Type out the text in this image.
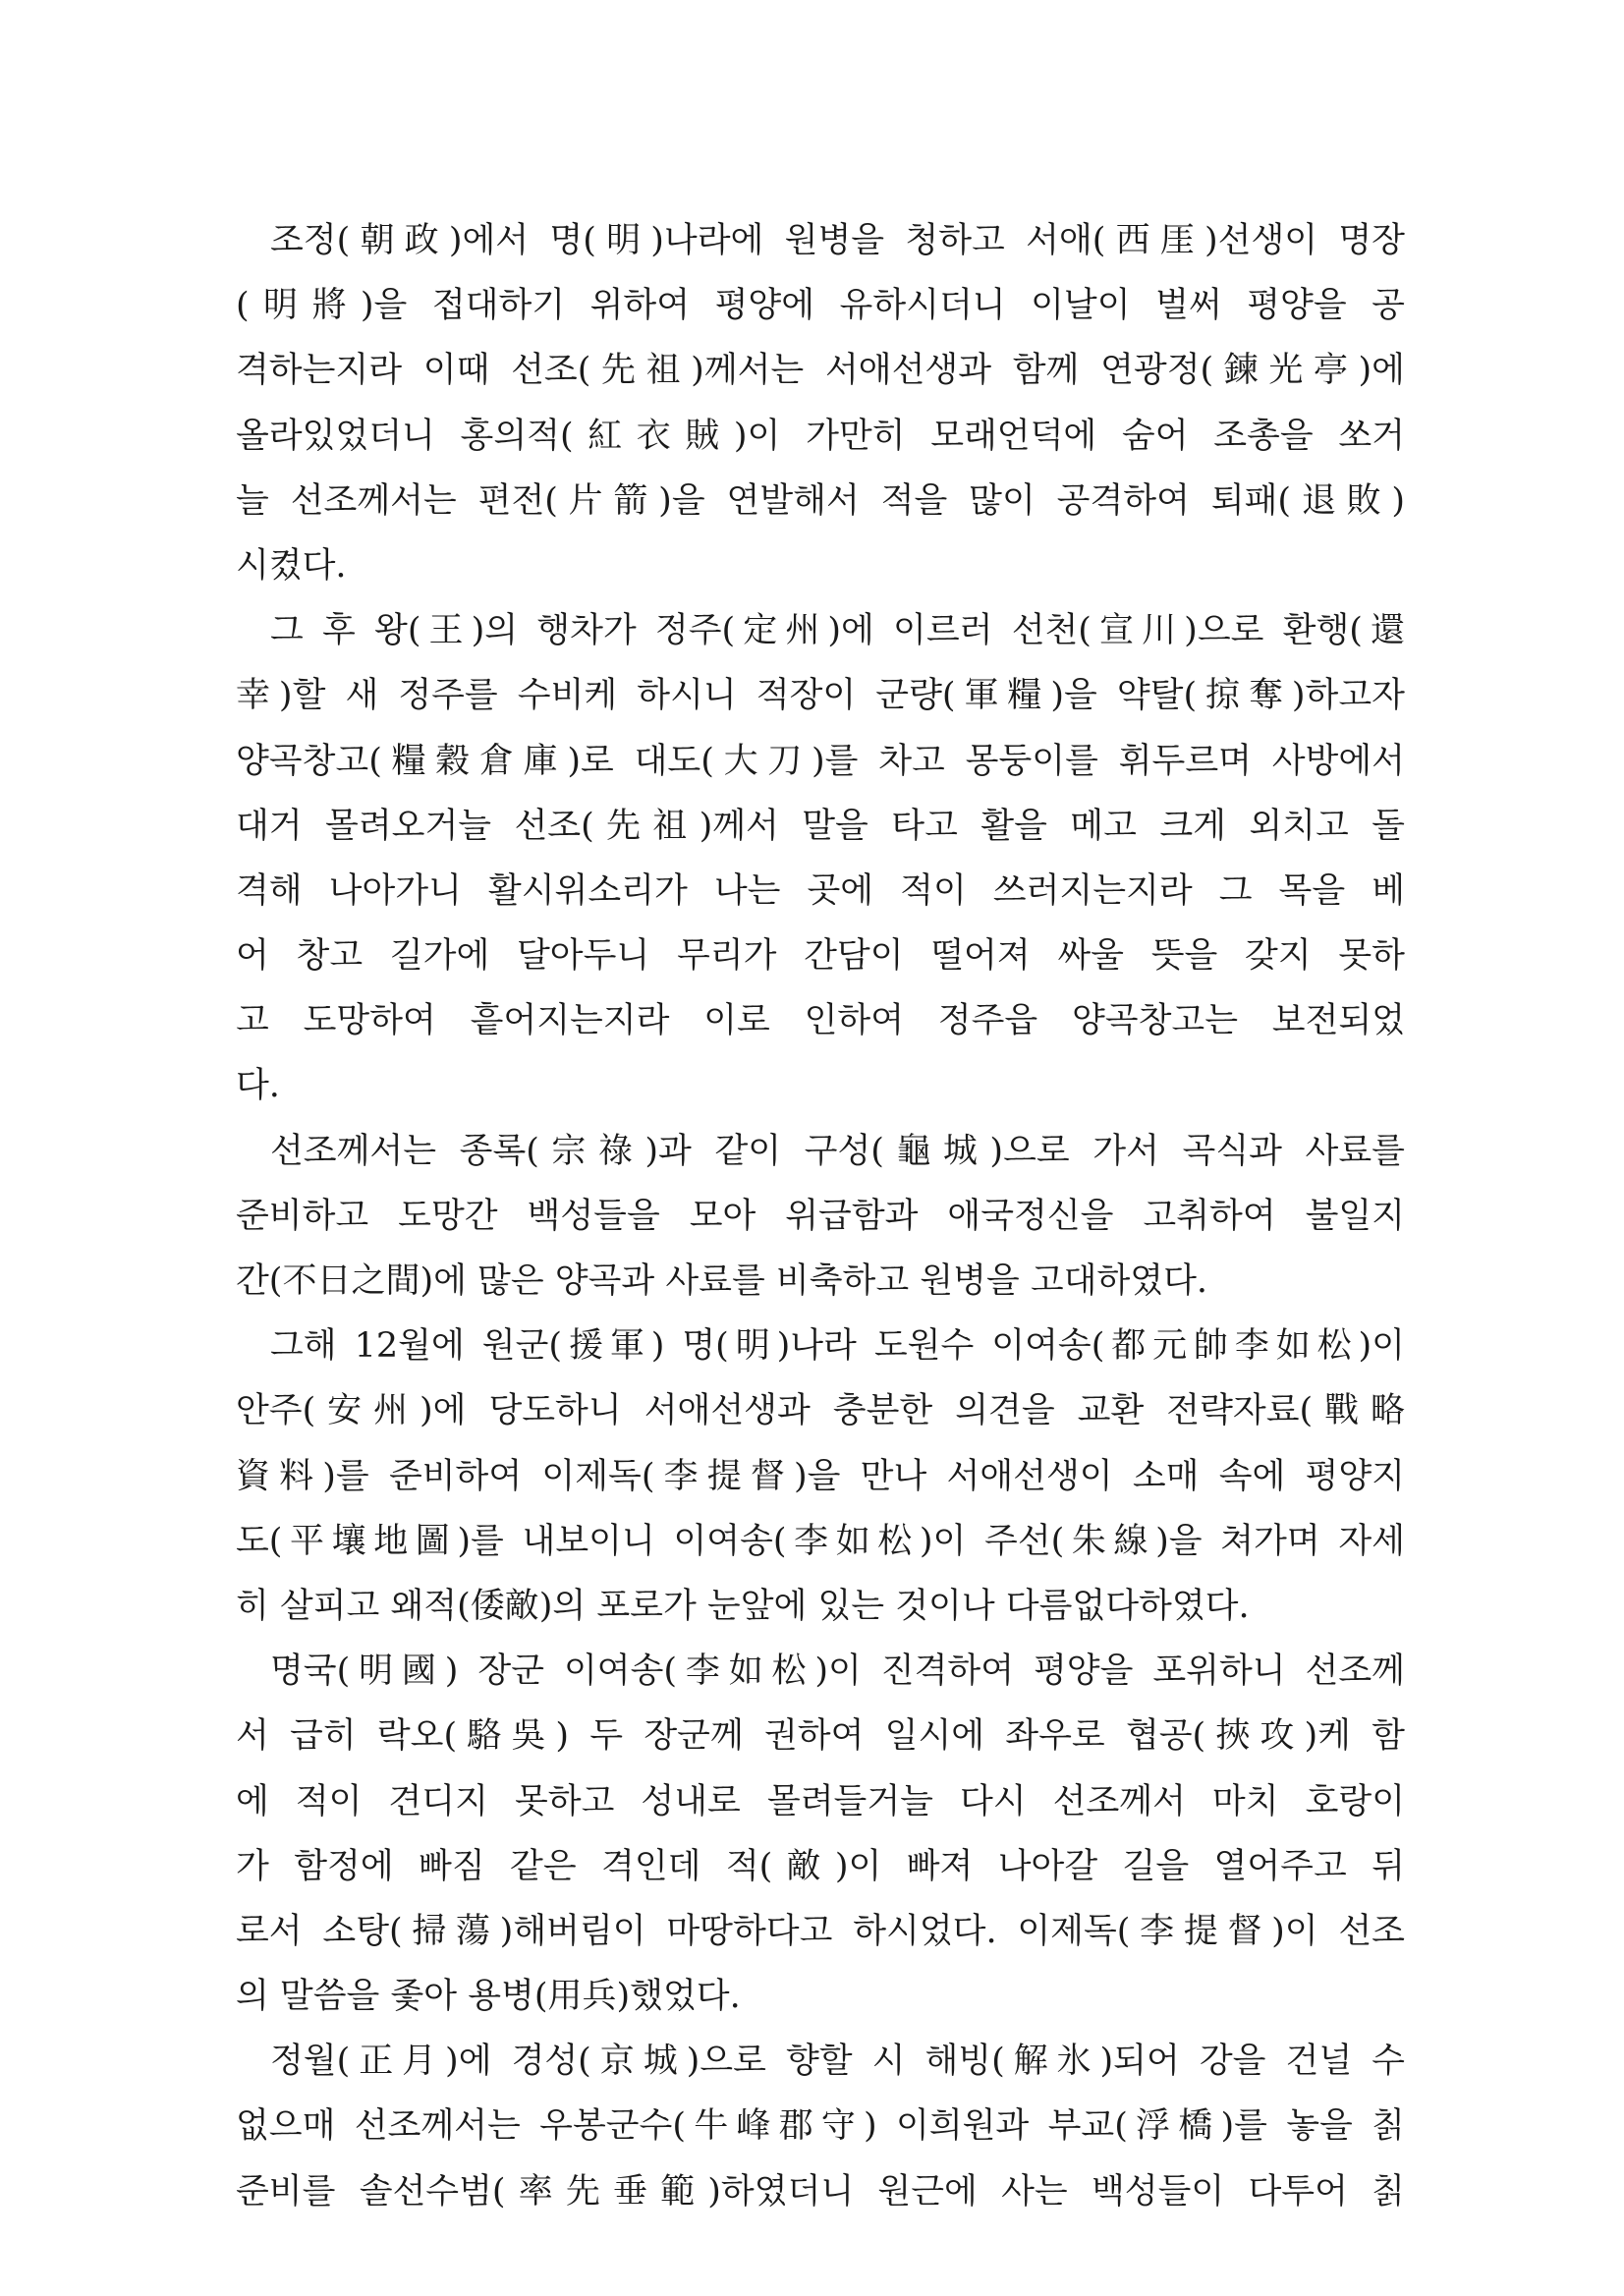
조정(朝政)에서 명(明)나라에 원병을 청하고 서애(西厓)선생이 명장
(明將)을 접대하기 위하여 평양에 유하시더니 이날이 벌써 평양을 공
격하는지라 이때 선조(先祖)께서는 서애선생과 함께 연광정(鍊光亭)에
올라있었더니 홍의적(紅衣賊)이 가만히 모래언덕에 숨어 조총을 쏘거
늘 선조께서는 편전(片箭)을 연발해서 적을 많이 공격하여 퇴패(退敗)
시켰다.
그 후 왕(王)의 행차가 정주(定州)에 이르러 선천(宣川)으로 환행(還
幸)할 새 정주를 수비케 하시니 적장이 군량(軍糧)을 약탈(掠奪)하고자
양곡창고(糧穀倉庫)로 대도(大刀)를 차고 몽둥이를 휘두르며 사방에서
대거 몰려오거늘 선조(先祖)께서 말을 타고 활을 메고 크게 외치고 돌
격해 나아가니 활시위소리가 나는 곳에 적이 쓰러지는지라 그 목을 베
어 창고 길가에 달아두니 무리가 간담이 떨어져 싸울 뜻을 갖지 못하
고 도망하여 흩어지는지라 이로 인하여 정주읍 양곡창고는 보전되었
다.
선조께서는 종록(宗祿)과 같이 구성(龜城)으로 가서 곡식과 사료를
준비하고 도망간 백성들을 모아 위급함과 애국정신을 고취하여 불일지
간(不日之間)에 많은 양곡과 사료를 비축하고 원병을 고대하였다.
그해 12월에 원군(援軍) 명(明)나라 도원수 이여송(都元帥李如松)이
안주(安州)에 당도하니 서애선생과 충분한 의견을 교환 전략자료(戰略
資料)를 준비하여 이제독(李提督)을 만나 서애선생이 소매 속에 평양지
도(平壤地圖)를 내보이니 이여송(李如松)이 주선(朱線)을 쳐가며 자세
히 살피고 왜적(倭敵)의 포로가 눈앞에 있는 것이나 다름없다하였다.
명국(明國) 장군 이여송(李如松)이 진격하여 평양을 포위하니 선조께
서 급히 락오(駱吳) 두 장군께 권하여 일시에 좌우로 협공(挾攻)케 함
에 적이 견디지 못하고 성내로 몰려들거늘 다시 선조께서 마치 호랑이
가 함정에 빠짐 같은 격인데 적(敵)이 빠져 나아갈 길을 열어주고 뒤
로서 소탕(掃蕩)해버림이 마땅하다고 하시었다. 이제독(李提督)이 선조
의 말씀을 좇아 용병(用兵)했었다.
정월(正月)에 경성(京城)으로 향할 시 해빙(解氷)되어 강을 건널 수
없으매 선조께서는 우봉군수(牛峰郡守) 이희원과 부교(浮橋)를 놓을 칡
준비를 솔선수범(率先垂範)하였더니 원근에 사는 백성들이 다투어 칡
